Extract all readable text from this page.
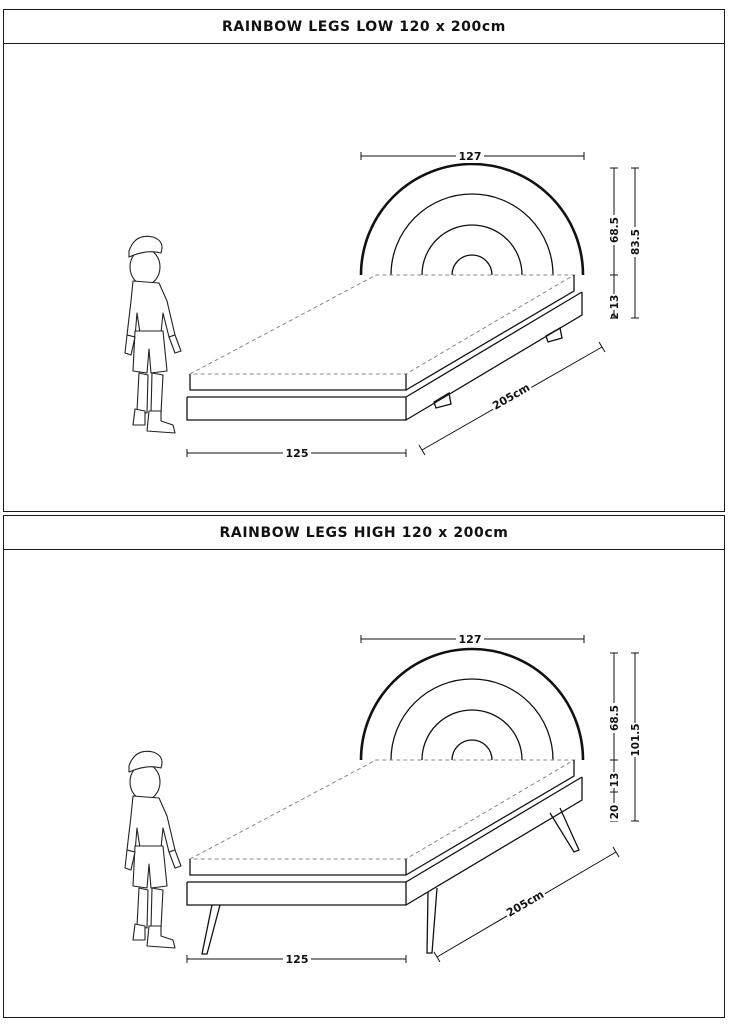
RAINBOW LEGS LOW 120 x 200cm
127
125
205cm
68.5
13
2
83.5
RAINBOW LEGS HIGH 120 x 200cm
127
125
205cm
68.5
13
20
101.5
